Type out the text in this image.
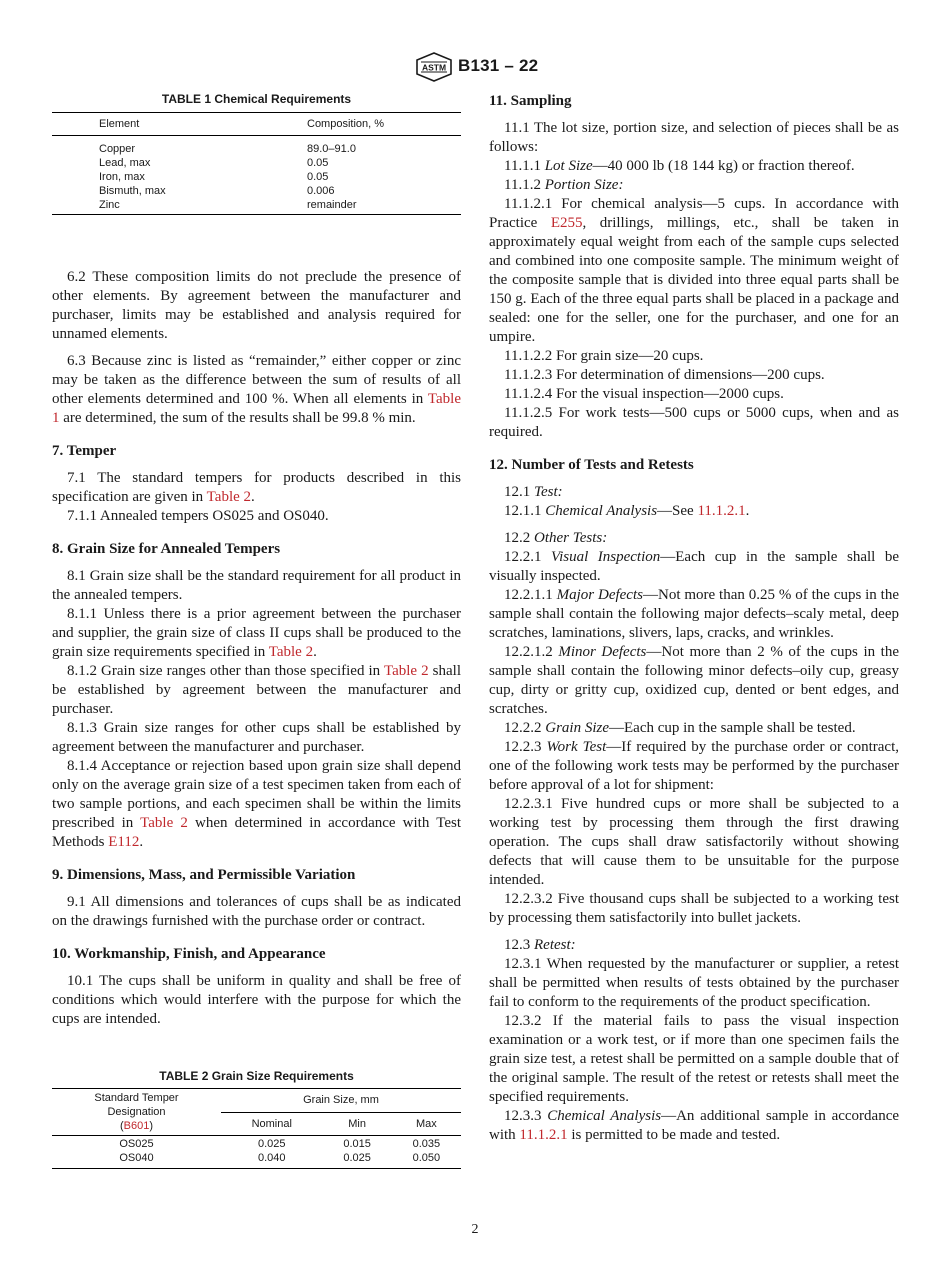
ASTM B131 – 22
TABLE 1 Chemical Requirements
Element	Composition, %
Copper	89.0–91.0
Lead, max	0.05
Iron, max	0.05
Bismuth, max	0.006
Zinc	remainder

6.2 These composition limits do not preclude the presence of other elements. By agreement between the manufacturer and purchaser, limits may be established and analysis required for unnamed elements.

6.3 Because zinc is listed as “remainder,” either copper or zinc may be taken as the difference between the sum of results of all other elements determined and 100 %. When all elements in Table 1 are determined, the sum of the results shall be 99.8 % min.

7. Temper

7.1 The standard tempers for products described in this specification are given in Table 2.

7.1.1 Annealed tempers OS025 and OS040.

8. Grain Size for Annealed Tempers

8.1 Grain size shall be the standard requirement for all product in the annealed tempers.

8.1.1 Unless there is a prior agreement between the purchaser and supplier, the grain size of class II cups shall be produced to the grain size requirements specified in Table 2.

8.1.2 Grain size ranges other than those specified in Table 2 shall be established by agreement between the manufacturer and purchaser.

8.1.3 Grain size ranges for other cups shall be established by agreement between the manufacturer and purchaser.

8.1.4 Acceptance or rejection based upon grain size shall depend only on the average grain size of a test specimen taken from each of two sample portions, and each specimen shall be within the limits prescribed in Table 2 when determined in accordance with Test Methods E112.

9. Dimensions, Mass, and Permissible Variation

9.1 All dimensions and tolerances of cups shall be as indicated on the drawings furnished with the purchase order or contract.

10. Workmanship, Finish, and Appearance

10.1 The cups shall be uniform in quality and shall be free of conditions which would interfere with the purpose for which the cups are intended.

TABLE 2 Grain Size Requirements
Standard Temper
Designation
(B601)	Grain Size, mm		
	Nominal	Min	Max
OS025	0.025	0.015	0.035
OS040	0.040	0.025	0.050
11. Sampling

11.1 The lot size, portion size, and selection of pieces shall be as follows:

11.1.1 Lot Size—40 000 lb (18 144 kg) or fraction thereof.

11.1.2 Portion Size:

11.1.2.1 For chemical analysis—5 cups. In accordance with Practice E255, drillings, millings, etc., shall be taken in approximately equal weight from each of the sample cups selected and combined into one composite sample. The minimum weight of the composite sample that is divided into three equal parts shall be 150 g. Each of the three equal parts shall be placed in a package and sealed: one for the seller, one for the purchaser, and one for an umpire.

11.1.2.2 For grain size—20 cups.

11.1.2.3 For determination of dimensions—200 cups.

11.1.2.4 For the visual inspection—2000 cups.

11.1.2.5 For work tests—500 cups or 5000 cups, when and as required.

12. Number of Tests and Retests

12.1 Test:

12.1.1 Chemical Analysis—See 11.1.2.1.

12.2 Other Tests:

12.2.1 Visual Inspection—Each cup in the sample shall be visually inspected.

12.2.1.1 Major Defects—Not more than 0.25 % of the cups in the sample shall contain the following major defects–scaly metal, deep scratches, laminations, slivers, laps, cracks, and wrinkles.

12.2.1.2 Minor Defects—Not more than 2 % of the cups in the sample shall contain the following minor defects–oily cup, greasy cup, dirty or gritty cup, oxidized cup, dented or bent edges, and scratches.

12.2.2 Grain Size—Each cup in the sample shall be tested.

12.2.3 Work Test—If required by the purchase order or contract, one of the following work tests may be performed by the purchaser before approval of a lot for shipment:

12.2.3.1 Five hundred cups or more shall be subjected to a working test by processing them through the first drawing operation. The cups shall draw satisfactorily without showing defects that will cause them to be unsuitable for the purpose intended.

12.2.3.2 Five thousand cups shall be subjected to a working test by processing them satisfactorily into bullet jackets.

12.3 Retest:

12.3.1 When requested by the manufacturer or supplier, a retest shall be permitted when results of tests obtained by the purchaser fail to conform to the requirements of the product specification.

12.3.2 If the material fails to pass the visual inspection examination or a work test, or if more than one specimen fails the grain size test, a retest shall be permitted on a sample double that of the original sample. The result of the retest or retests shall meet the specified requirements.

12.3.3 Chemical Analysis—An additional sample in accordance with 11.1.2.1 is permitted to be made and tested.

2
